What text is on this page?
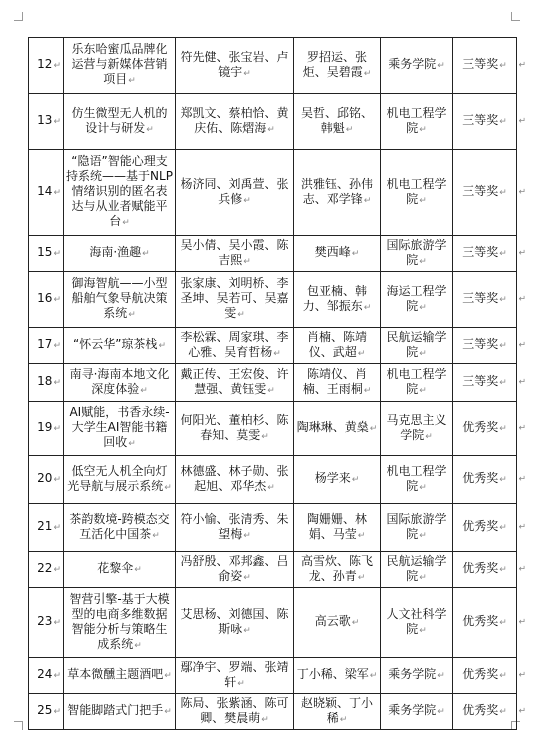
12↵	乐东哈蜜瓜品牌化运营与新媒体营销项目↵	符先健、张宝岩、卢镜宇↵	罗招运、张炬、吴碧霞↵	乘务学院↵	三等奖↵ ↵

13↵	仿生微型无人机的设计与研发↵	郑凯文、蔡柏恰、黄庆佑、陈熠海↵	吴哲、邱铭、韩魁↵	机电工程学院↵	三等奖↵ ↵

14↵	“隐语”智能心理支持系统——基于NLP情绪识别的匿名表达与从业者赋能平台↵	杨济同、刘禹萱、张兵修↵	洪雅钰、孙伟志、邓学锋↵	机电工程学院↵	三等奖↵ ↵

15↵	海南·渔趣↵	吴小倩、吴小霞、陈吉熙↵	樊西峰↵	国际旅游学院↵	三等奖↵ ↵

16↵	御海智航——小型船舶气象导航决策系统↵	张家康、刘明桥、李圣坤、吴若可、吴嘉雯↵	包亚楠、韩力、邹振东↵	海运工程学院↵	三等奖↵ ↵

17↵	“怀云华”琼茶栈↵	李松霖、周家琪、李心雅、吴育哲杨↵	肖楠、陈靖仪、武超↵	民航运输学院↵	三等奖↵ ↵

18↵	南寻·海南本地文化深度体验↵	戴正传、王宏俊、许慧强、黄钰雯↵	陈靖仪、肖楠、王雨桐↵	机电工程学院↵	三等奖↵ ↵

19↵	AI赋能，书香永续-大学生AI智能书籍回收↵	何阳光、董柏杉、陈春知、莫雯↵	陶琳琳、黄燊↵	马克思主义学院↵	优秀奖↵ ↵

20↵	低空无人机全向灯光导航与展示系统↵	林德盛、林子勋、张起旭、邓华杰↵	杨学来↵	机电工程学院↵	优秀奖↵ ↵

21↵	茶韵数境-跨模态交互活化中国茶↵	符小愉、张清秀、朱望梅↵	陶姗姗、林娟、马莹↵	国际旅游学院↵	优秀奖↵ ↵

22↵	花黎伞↵	冯舒殷、邓邦鑫、吕俞姿↵	高雪炊、陈飞龙、孙青↵	民航运输学院↵	优秀奖↵ ↵

23↵	智营引擎-基于大模型的电商多维数据智能分析与策略生成系统↵	艾思杨、刘德国、陈斯咏↵	高云歌↵	人文社科学院↵	优秀奖↵ ↵

24↵	草本微醺主题酒吧↵	鄢净宇、罗端、张靖轩↵	丁小稀、梁军↵	乘务学院↵	优秀奖↵ ↵

25↵	智能脚踏式门把手↵	陈局、张紫涵、陈可卿、樊晨萌↵	赵晓颖、丁小稀↵	乘务学院↵	优秀奖↵ ↵
